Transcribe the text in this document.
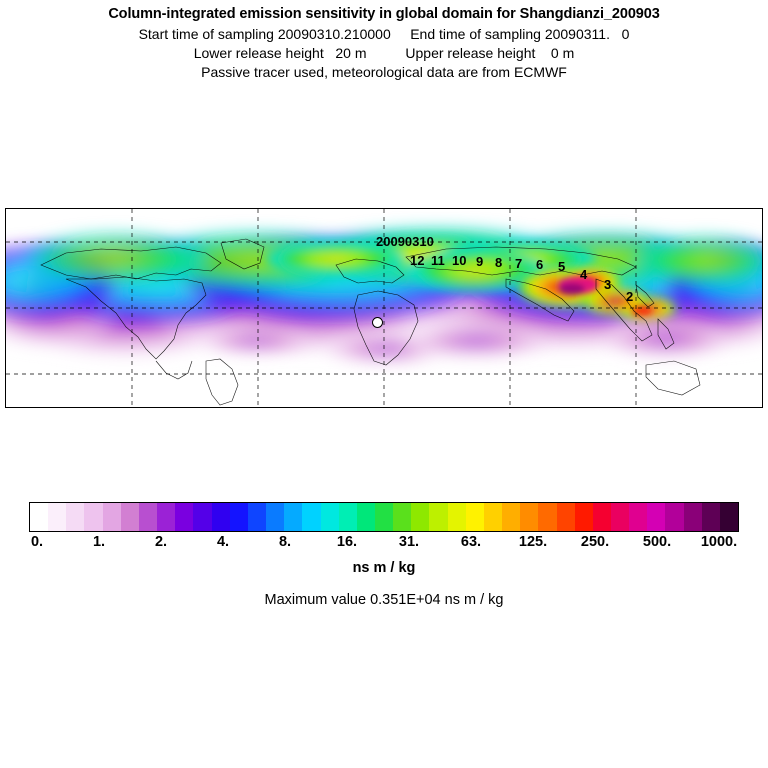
Column-integrated emission sensitivity in global domain for Shangdianzi_200903
Start time of sampling 20090310.210000     End time of sampling 20090311.   0
Lower release height   20 m          Upper release height    0 m
Passive tracer used, meteorological data are from ECMWF
20090310
12 11 10 9 8 7 6 5
4
3
2
0.	1.	2.	4.	8.	16.	31.	63.	125. 250. 500. 1000.
ns m / kg
Maximum value 0.351E+04 ns m / kg
